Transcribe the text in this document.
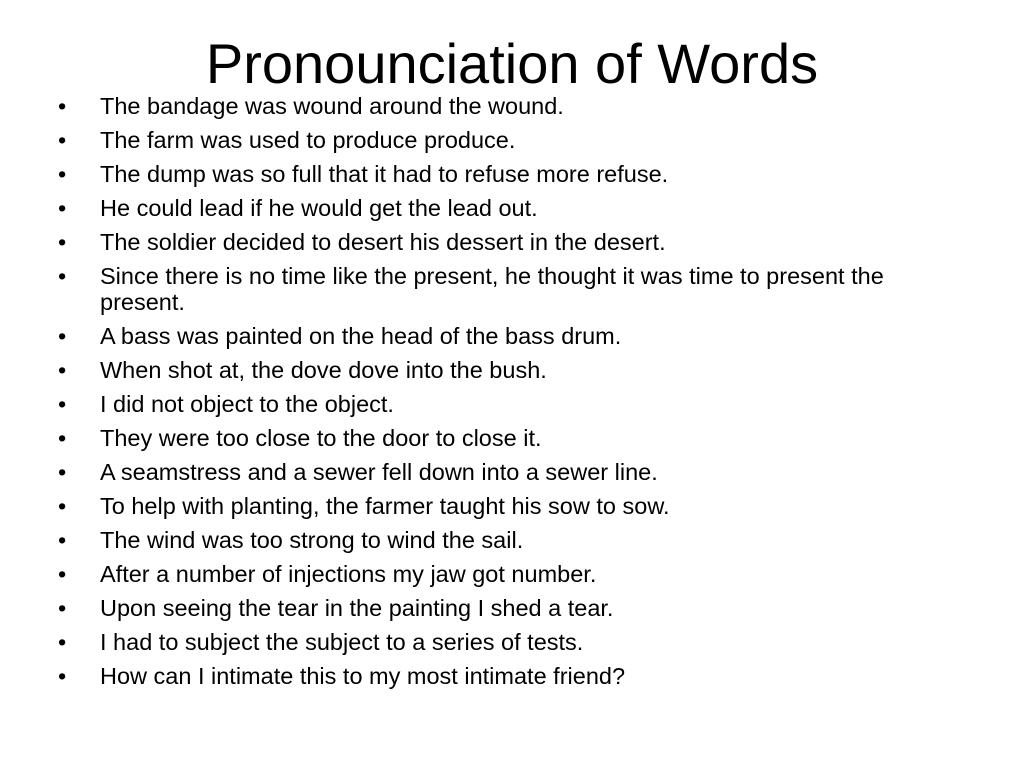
Pronounciation of Words
• The bandage was wound around the wound.
• The farm was used to produce produce.
• The dump was so full that it had to refuse more refuse.
• He could lead if he would get the lead out.
• The soldier decided to desert his dessert in the desert.
• Since there is no time like the present, he thought it was time to present the present.
• A bass was painted on the head of the bass drum.
• When shot at, the dove dove into the bush.
• I did not object to the object.
• They were too close to the door to close it.
• A seamstress and a sewer fell down into a sewer line.
• To help with planting, the farmer taught his sow to sow.
• The wind was too strong to wind the sail.
• After a number of injections my jaw got number.
• Upon seeing the tear in the painting I shed a tear.
• I had to subject the subject to a series of tests.
• How can I intimate this to my most intimate friend?
